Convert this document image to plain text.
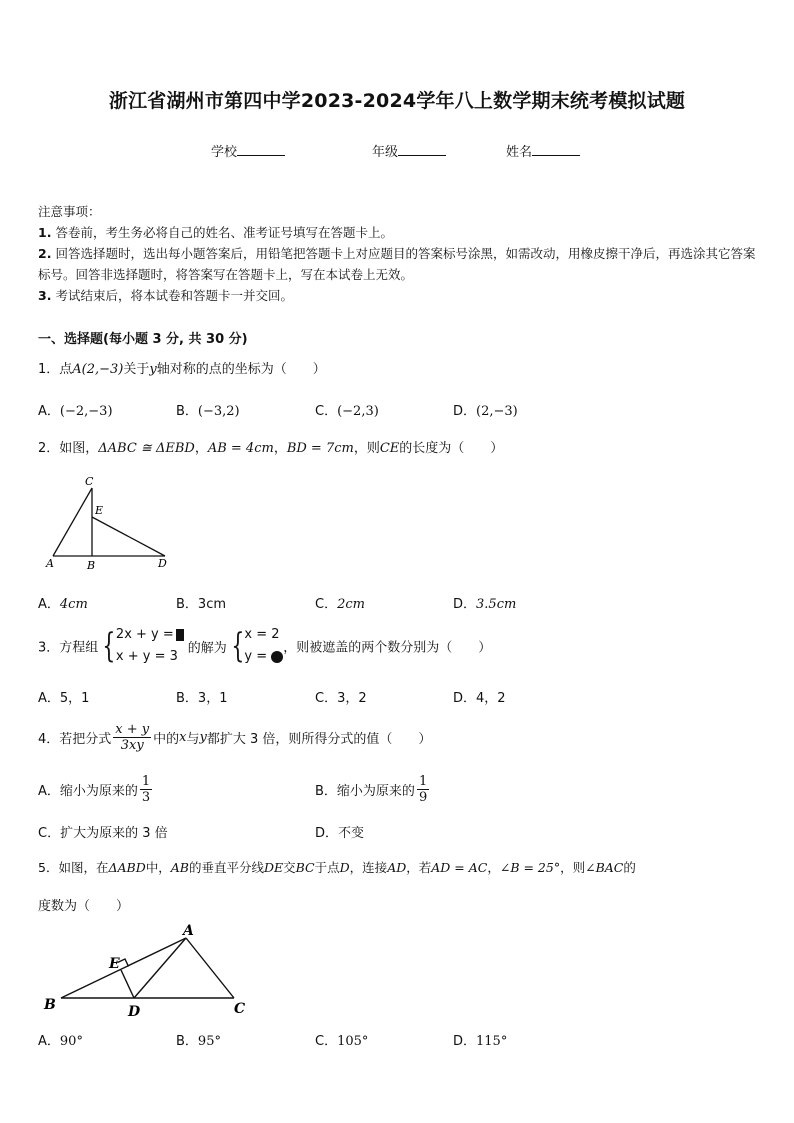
浙江省湖州市第四中学2023-2024学年八上数学期末统考模拟试题
学校	年级	姓名
注意事项：
1. 答卷前，考生务必将自己的姓名、准考证号填写在答题卡上。
2. 回答选择题时，选出每小题答案后，用铅笔把答题卡上对应题目的答案标号涂黑，如需改动，用橡皮擦干净后，再选涂其它答案标号。回答非选择题时，将答案写在答题卡上，写在本试卷上无效。
3. 考试结束后，将本试卷和答题卡一并交回。
一、选择题(每小题 3 分, 共 30 分)
1．点A(2,−3)关于y轴对称的点的坐标为（　　）
A．(−2,−3)	B．(−3,2)	C．(−2,3)	D．(2,−3)
2．如图，ΔABC ≅ ΔEBD，AB = 4cm，BD = 7cm，则CE的长度为（　　）
C
E
A	B	D
A．4cm	B．3cm	C．2cm	D．3.5cm
3．方程组 { 2x + y =
x + y = 3
的解为 { x = 2
y =
，则被遮盖的两个数分别为（　　）
A．5，1	B．3，1	C．3，2	D．4，2
4．若把分式 $\frac{x + y}{3xy}$ 中的x与y都扩大 3 倍，则所得分式的值（　　）
A．缩小为原来的 $\frac{1}{3}$	B．缩小为原来的 $\frac{1}{9}$
C．扩大为原来的 3 倍	D．不变
5．如图，在ΔABD中，AB的垂直平分线DE交BC于点D，连接AD，若AD = AC，∠B = 25°，则∠BAC的
度数为（　　）
A
E
B	D	C
A．90°	B．95°	C．105°	D．115°
